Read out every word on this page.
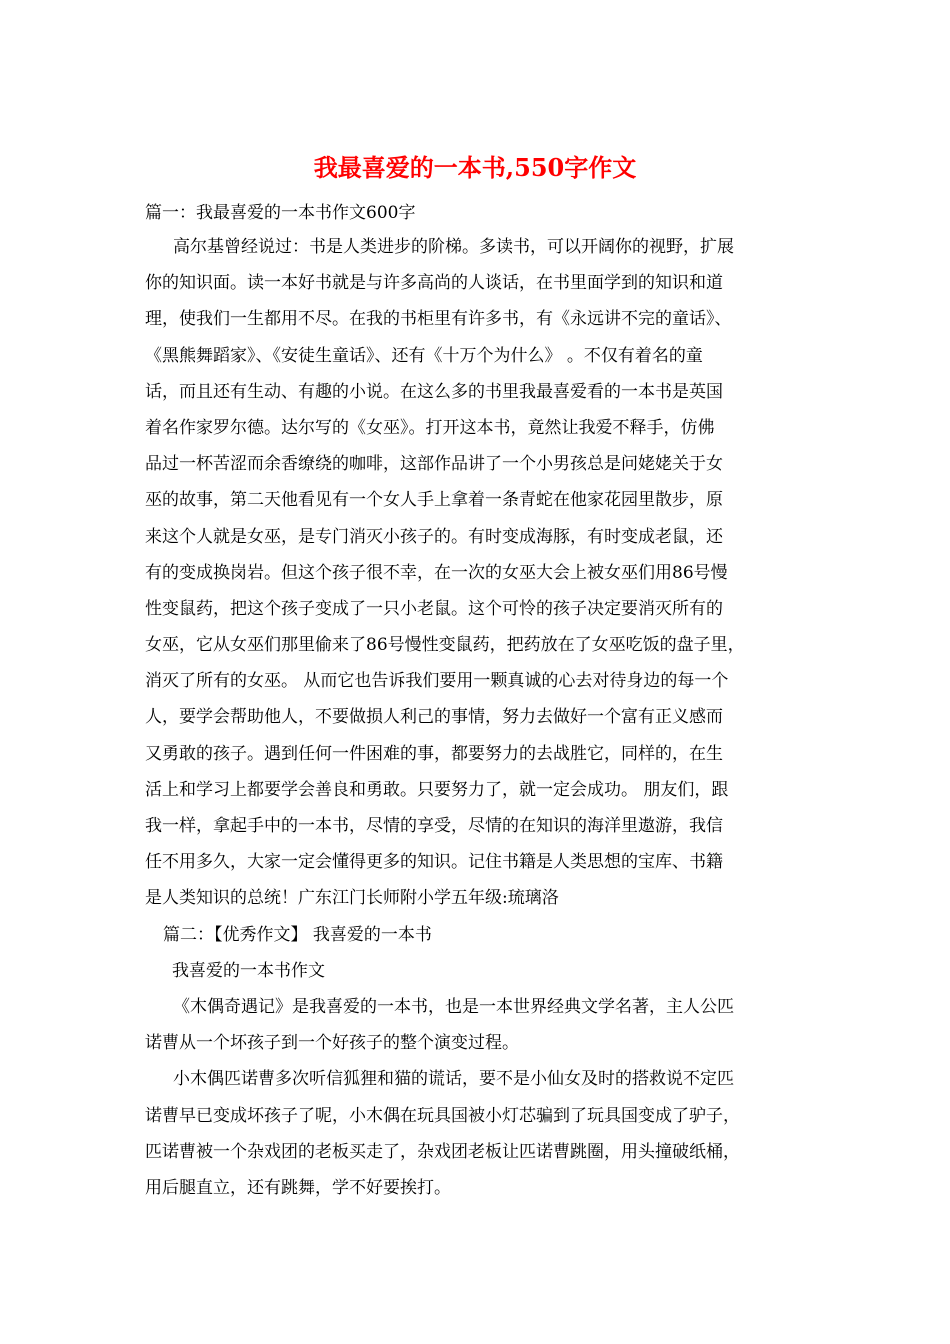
我最喜爱的一本书,550字作文
篇一：我最喜爱的一本书作文600字
高尔基曾经说过：书是人类进步的阶梯。多读书，可以开阔你的视野，扩展
你的知识面。读一本好书就是与许多高尚的人谈话，在书里面学到的知识和道
理，使我们一生都用不尽。在我的书柜里有许多书，有《永远讲不完的童话》、
《黑熊舞蹈家》、《安徒生童话》、还有《十万个为什么》 。不仅有着名的童
话，而且还有生动、有趣的小说。在这么多的书里我最喜爱看的一本书是英国
着名作家罗尔德。达尔写的《女巫》。打开这本书，竟然让我爱不释手，仿佛
品过一杯苦涩而余香缭绕的咖啡，这部作品讲了一个小男孩总是问姥姥关于女
巫的故事，第二天他看见有一个女人手上拿着一条青蛇在他家花园里散步，原
来这个人就是女巫，是专门消灭小孩子的。有时变成海豚，有时变成老鼠，还
有的变成换岗岩。但这个孩子很不幸，在一次的女巫大会上被女巫们用86号慢
性变鼠药，把这个孩子变成了一只小老鼠。这个可怜的孩子决定要消灭所有的
女巫，它从女巫们那里偷来了86号慢性变鼠药，把药放在了女巫吃饭的盘子里，
消灭了所有的女巫。 从而它也告诉我们要用一颗真诚的心去对待身边的每一个
人，要学会帮助他人，不要做损人利己的事情，努力去做好一个富有正义感而
又勇敢的孩子。遇到任何一件困难的事，都要努力的去战胜它，同样的，在生
活上和学习上都要学会善良和勇敢。只要努力了，就一定会成功。 朋友们，跟
我一样，拿起手中的一本书，尽情的享受，尽情的在知识的海洋里遨游，我信
任不用多久，大家一定会懂得更多的知识。记住书籍是人类思想的宝库、书籍
是人类知识的总统！广东江门长师附小学五年级:琉璃洛
篇二：【优秀作文】 我喜爱的一本书
我喜爱的一本书作文
《木偶奇遇记》是我喜爱的一本书，也是一本世界经典文学名著，主人公匹
诺曹从一个坏孩子到一个好孩子的整个演变过程。
小木偶匹诺曹多次听信狐狸和猫的谎话，要不是小仙女及时的搭救说不定匹
诺曹早已变成坏孩子了呢，小木偶在玩具国被小灯芯骗到了玩具国变成了驴子，
匹诺曹被一个杂戏团的老板买走了，杂戏团老板让匹诺曹跳圈，用头撞破纸桶，
用后腿直立，还有跳舞，学不好要挨打。
